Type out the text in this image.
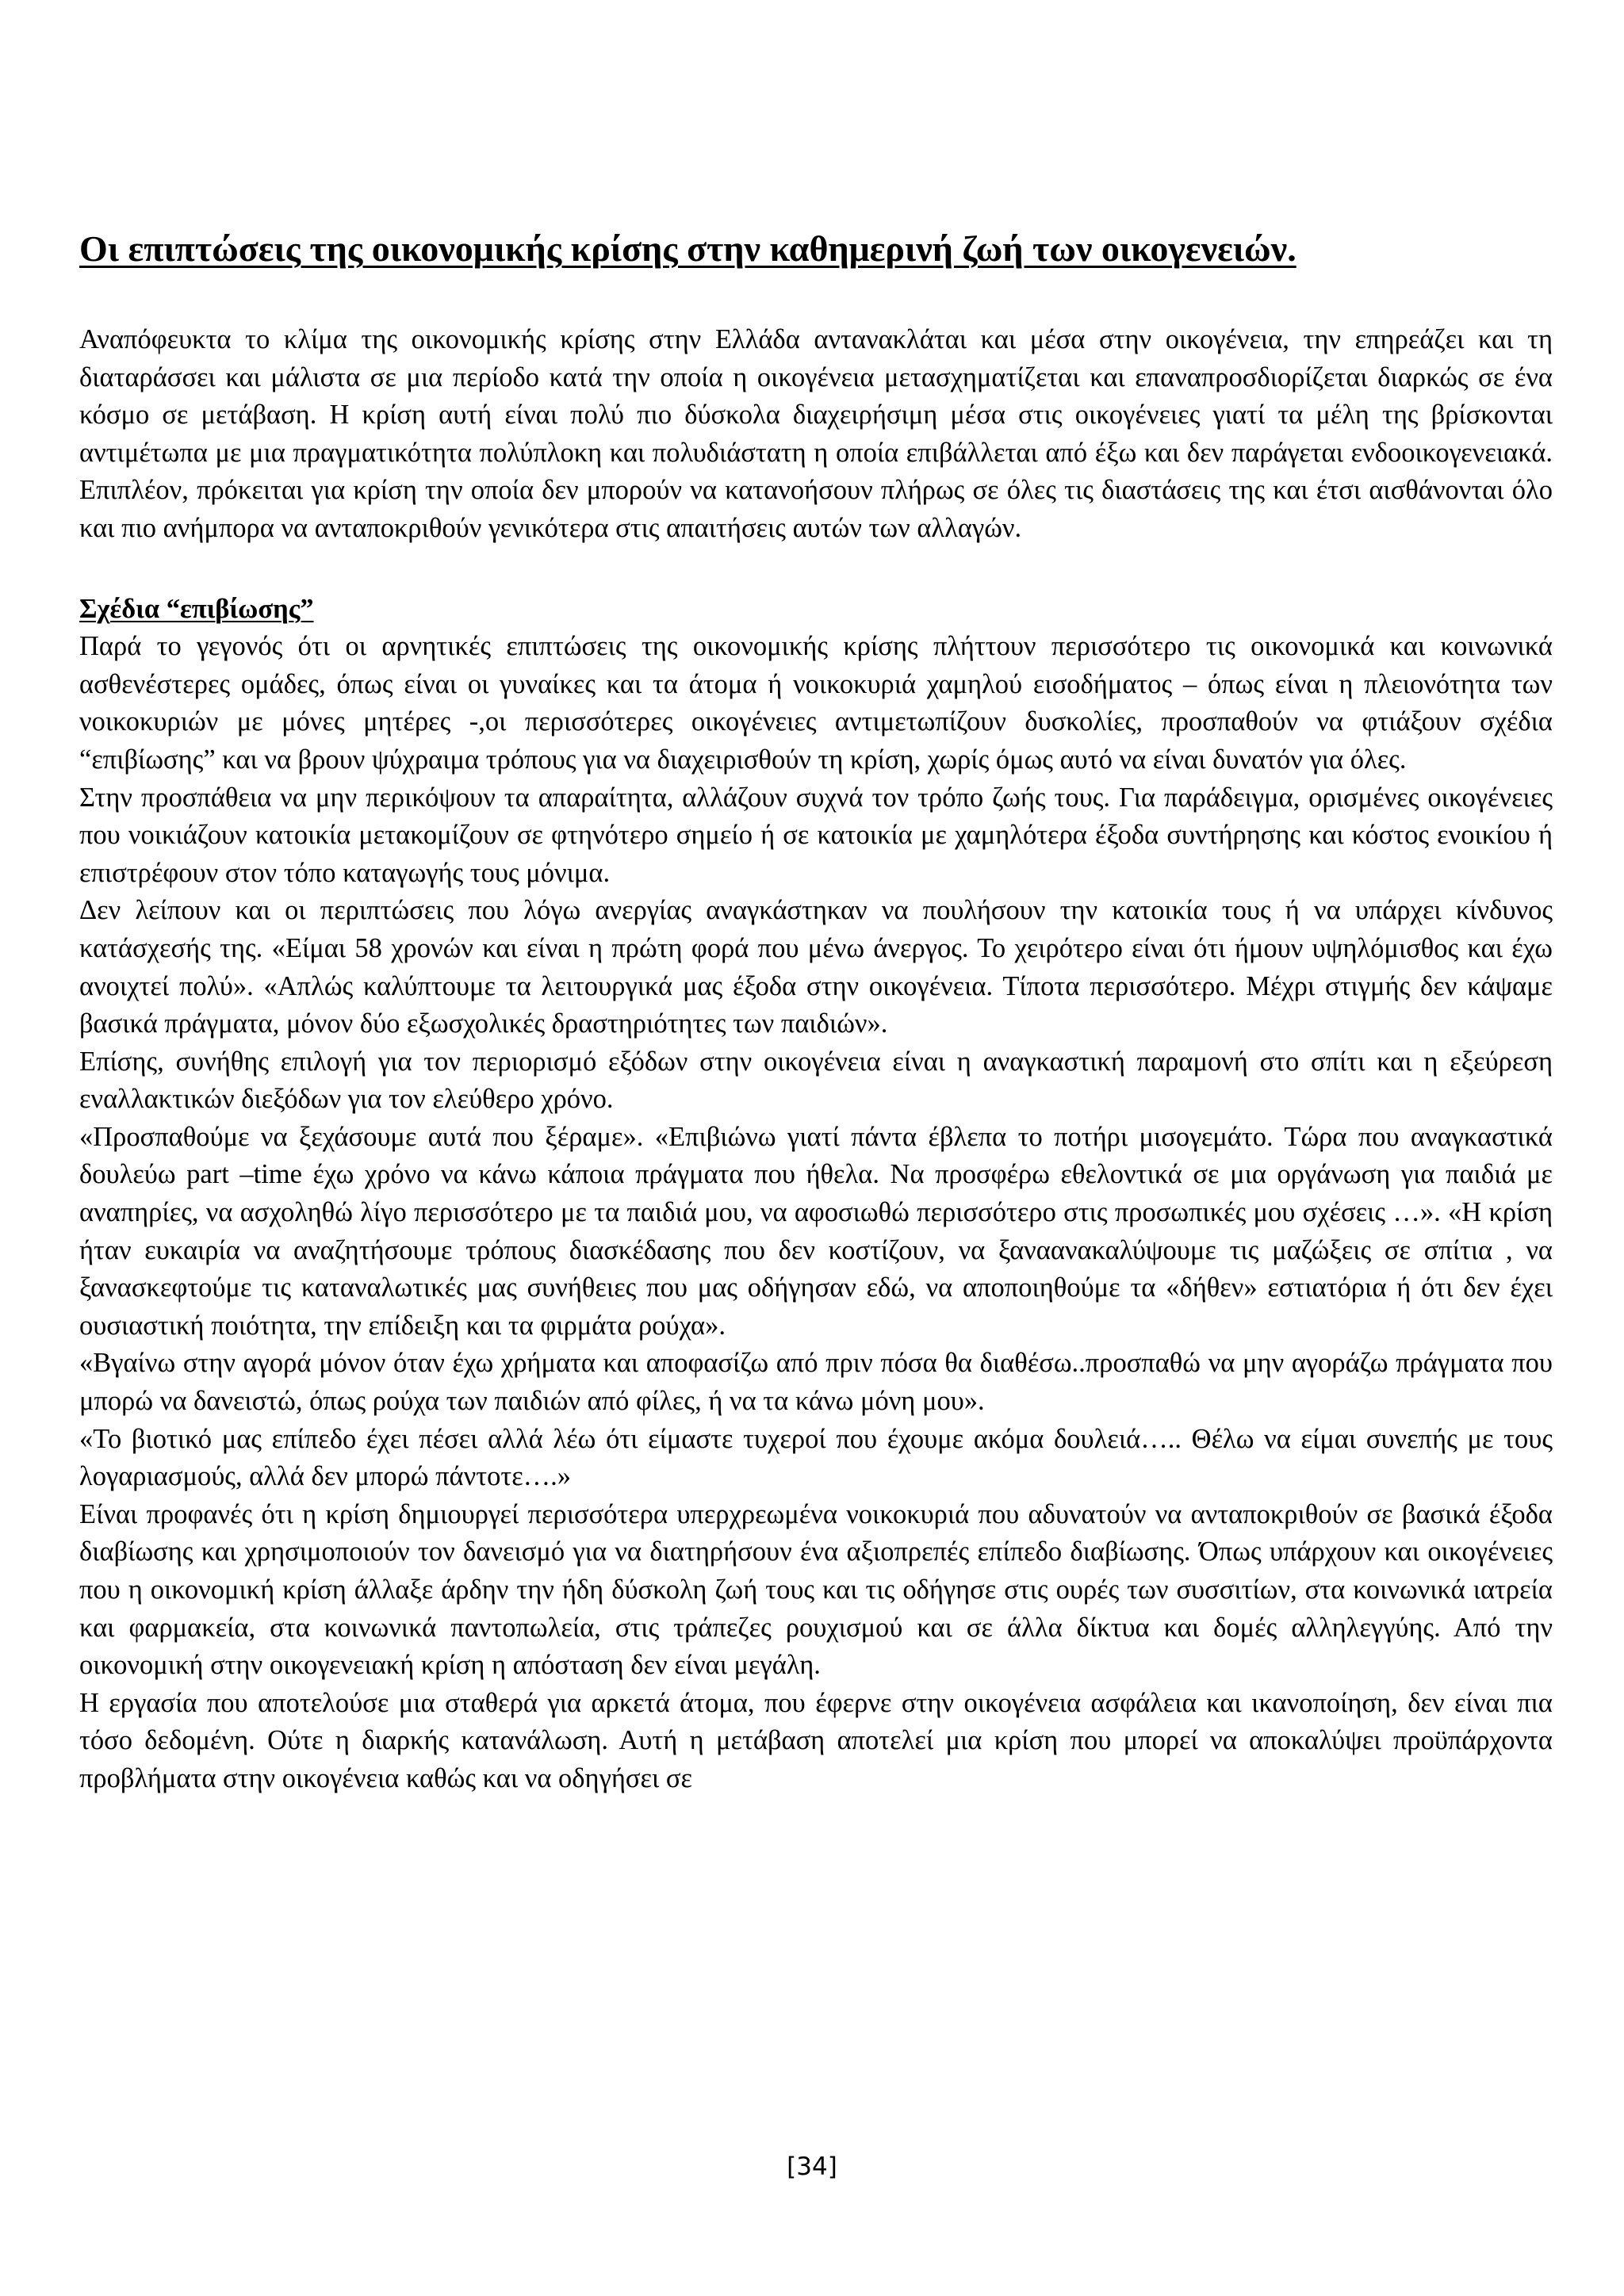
Οι επιπτώσεις της οικονομικής κρίσης στην καθημερινή ζωή των οικογενειών.

Αναπόφευκτα το κλίμα της οικονομικής κρίσης στην Ελλάδα αντανακλάται και μέσα στην οικογένεια, την επηρεάζει και τη διαταράσσει και μάλιστα σε μια περίοδο κατά την οποία η οικογένεια μετασχηματίζεται και επαναπροσδιορίζεται διαρκώς σε ένα κόσμο σε μετάβαση. Η κρίση αυτή είναι πολύ πιο δύσκολα διαχειρήσιμη μέσα στις οικογένειες γιατί τα μέλη της βρίσκονται αντιμέτωπα με μια πραγματικότητα πολύπλοκη και πολυδιάστατη η οποία επιβάλλεται από έξω και δεν παράγεται ενδοοικογενειακά. Επιπλέον, πρόκειται για κρίση την οποία δεν μπορούν να κατανοήσουν πλήρως σε όλες τις διαστάσεις της και έτσι αισθάνονται όλο και πιο ανήμπορα να ανταποκριθούν γενικότερα στις απαιτήσεις αυτών των αλλαγών.

Σχέδια “επιβίωσης”

Παρά το γεγονός ότι οι αρνητικές επιπτώσεις της οικονομικής κρίσης πλήττουν περισσότερο τις οικονομικά και κοινωνικά ασθενέστερες ομάδες, όπως είναι οι γυναίκες και τα άτομα ή νοικοκυριά χαμηλού εισοδήματος – όπως είναι η πλειονότητα των νοικοκυριών με μόνες μητέρες -,οι περισσότερες οικογένειες αντιμετωπίζουν δυσκολίες, προσπαθούν να φτιάξουν σχέδια “επιβίωσης” και να βρουν ψύχραιμα τρόπους για να διαχειρισθούν τη κρίση, χωρίς όμως αυτό να είναι δυνατόν για όλες.

Στην προσπάθεια να μην περικόψουν τα απαραίτητα, αλλάζουν συχνά τον τρόπο ζωής τους. Για παράδειγμα, ορισμένες οικογένειες που νοικιάζουν κατοικία μετακομίζουν σε φτηνότερο σημείο ή σε κατοικία με χαμηλότερα έξοδα συντήρησης και κόστος ενοικίου ή επιστρέφουν στον τόπο καταγωγής τους μόνιμα.

Δεν λείπουν και οι περιπτώσεις που λόγω ανεργίας αναγκάστηκαν να πουλήσουν την κατοικία τους ή να υπάρχει κίνδυνος κατάσχεσής της. «Είμαι 58 χρονών και είναι η πρώτη φορά που μένω άνεργος. Το χειρότερο είναι ότι ήμουν υψηλόμισθος και έχω ανοιχτεί πολύ». «Απλώς καλύπτουμε τα λειτουργικά μας έξοδα στην οικογένεια. Τίποτα περισσότερο. Μέχρι στιγμής δεν κάψαμε βασικά πράγματα, μόνον δύο εξωσχολικές δραστηριότητες των παιδιών».

Επίσης, συνήθης επιλογή για τον περιορισμό εξόδων στην οικογένεια είναι η αναγκαστική παραμονή στο σπίτι και η εξεύρεση εναλλακτικών διεξόδων για τον ελεύθερο χρόνο.

«Προσπαθούμε να ξεχάσουμε αυτά που ξέραμε». «Επιβιώνω γιατί πάντα έβλεπα το ποτήρι μισογεμάτο. Τώρα που αναγκαστικά δουλεύω part –time έχω χρόνο να κάνω κάποια πράγματα που ήθελα. Να προσφέρω εθελοντικά σε μια οργάνωση για παιδιά με αναπηρίες, να ασχοληθώ λίγο περισσότερο με τα παιδιά μου, να αφοσιωθώ περισσότερο στις προσωπικές μου σχέσεις …». «Η κρίση ήταν ευκαιρία να αναζητήσουμε τρόπους διασκέδασης που δεν κοστίζουν, να ξαναανακαλύψουμε τις μαζώξεις σε σπίτια , να ξανασκεφτούμε τις καταναλωτικές μας συνήθειες που μας οδήγησαν εδώ, να αποποιηθούμε τα «δήθεν» εστιατόρια ή ότι δεν έχει ουσιαστική ποιότητα, την επίδειξη και τα φιρμάτα ρούχα».

«Βγαίνω στην αγορά μόνον όταν έχω χρήματα και αποφασίζω από πριν πόσα θα διαθέσω..προσπαθώ να μην αγοράζω πράγματα που μπορώ να δανειστώ, όπως ρούχα των παιδιών από φίλες, ή να τα κάνω μόνη μου».

«Το βιοτικό μας επίπεδο έχει πέσει αλλά λέω ότι είμαστε τυχεροί που έχουμε ακόμα δουλειά….. Θέλω να είμαι συνεπής με τους λογαριασμούς, αλλά δεν μπορώ πάντοτε….»

Είναι προφανές ότι η κρίση δημιουργεί περισσότερα υπερχρεωμένα νοικοκυριά που αδυνατούν να ανταποκριθούν σε βασικά έξοδα διαβίωσης και χρησιμοποιούν τον δανεισμό για να διατηρήσουν ένα αξιοπρεπές επίπεδο διαβίωσης. Όπως υπάρχουν και οικογένειες που η οικονομική κρίση άλλαξε άρδην την ήδη δύσκολη ζωή τους και τις οδήγησε στις ουρές των συσσιτίων, στα κοινωνικά ιατρεία και φαρμακεία, στα κοινωνικά παντοπωλεία, στις τράπεζες ρουχισμού και σε άλλα δίκτυα και δομές αλληλεγγύης. Από την οικονομική στην οικογενειακή κρίση η απόσταση δεν είναι μεγάλη.

Η εργασία που αποτελούσε μια σταθερά για αρκετά άτομα, που έφερνε στην οικογένεια ασφάλεια και ικανοποίηση, δεν είναι πια τόσο δεδομένη. Ούτε η διαρκής κατανάλωση. Αυτή η μετάβαση αποτελεί μια κρίση που μπορεί να αποκαλύψει προϋπάρχοντα προβλήματα στην οικογένεια καθώς και να οδηγήσει σε

[34]
